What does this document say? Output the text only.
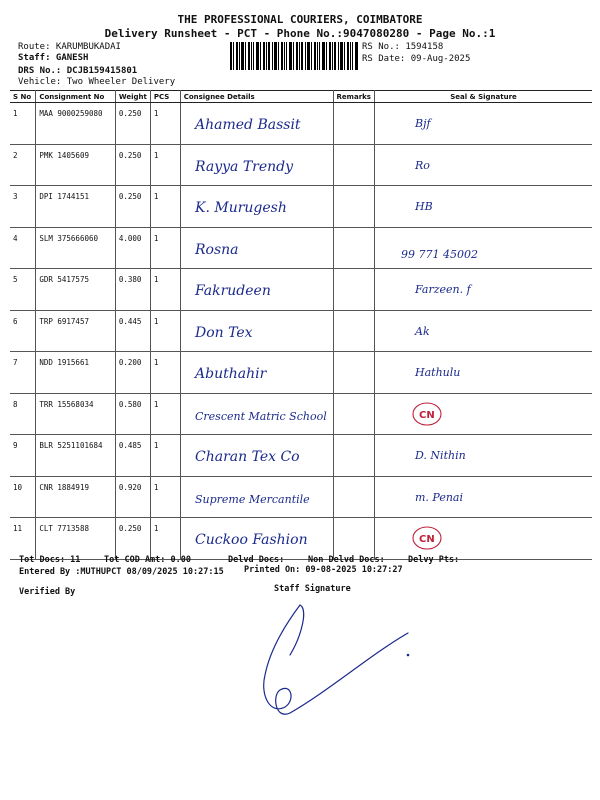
THE PROFESSIONAL COURIERS, COIMBATORE
Delivery Runsheet - PCT - Phone No.:9047080280 - Page No.:1
Route: KARUMBUKADAI
Staff: GANESH
DRS No.: DCJB159415801
Vehicle: Two Wheeler Delivery
RS No.: 1594158
RS Date: 09-Aug-2025
S No	Consignment No	Weight	PCS	Consignee Details	Remarks	Seal & Signature
1	MAA 9000259080	0.250	1	Ahamed Bassit		Bjf

2	PMK 1405609	0.250	1	Rayya Trendy		Ro

3	DPI 1744151	0.250	1	K. Murugesh		HB

4	SLM 375666060	4.000	1	Rosna		99 771 45002

5	GDR 5417575	0.380	1	Fakrudeen		Farzeen. f

6	TRP 6917457	0.445	1	Don Tex		Ak

7	NDD 1915661	0.200	1	Abuthahir		Hathulu

8	TRR 15568034	0.580	1	Crescent Matric School		CN

9	BLR 5251101684	0.485	1	Charan Tex Co		D. Nithin

10	CNR 1884919	0.920	1	Supreme Mercantile		m. Penai

11	CLT 7713588	0.250	1	Cuckoo Fashion		CN
Tot Docs: 11	Tot COD Amt: 0.00	Delvd Docs:	Non Delvd Docs:	Delvy Pts:
Entered By :MUTHUPCT 08/09/2025 10:27:15 Printed On: 09-08-2025 10:27:27
Verified By	Staff Signature
